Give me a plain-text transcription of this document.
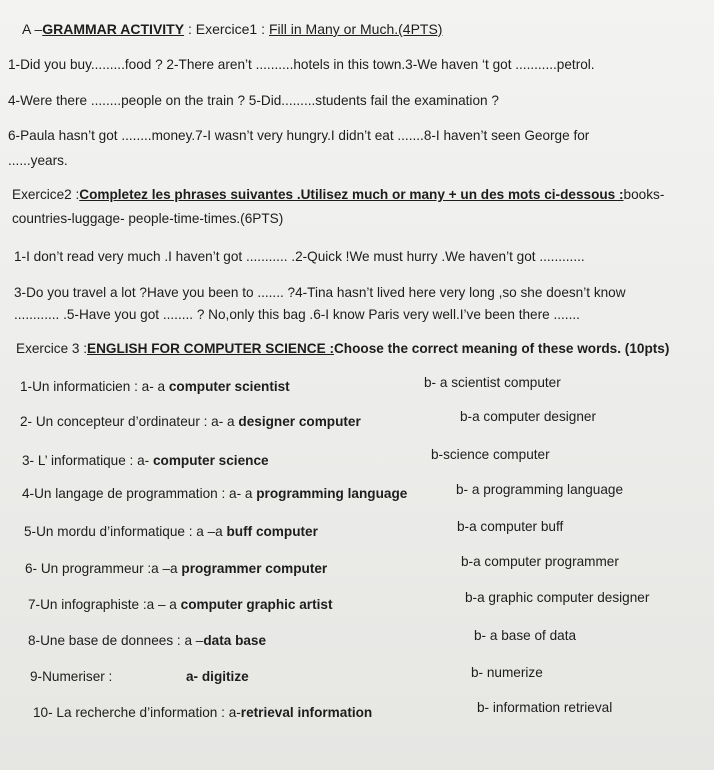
A –GRAMMAR ACTIVITY : Exercice1 : Fill in Many or Much.(4PTS)
1-Did you buy.........food ? 2-There aren’t ..........hotels in this town.3-We haven ‘t got ...........petrol.
4-Were there ........people on the train ? 5-Did.........students fail the examination ?
6-Paula hasn’t got ........money.7-I wasn’t very hungry.I didn’t eat .......8-I haven’t seen George for
......years.
Exercice2 :Completez les phrases suivantes .Utilisez much or many + un des mots ci-dessous :books-
countries-luggage- people-time-times.(6PTS)
1-I don’t read very much .I haven’t got ........... .2-Quick !We must hurry .We haven’t got ............
3-Do you travel a lot ?Have you been to ....... ?4-Tina hasn’t lived here very long ,so she doesn’t know
............ .5-Have you got ........ ? No,only this bag .6-I know Paris very well.I’ve been there .......
Exercice 3 :ENGLISH FOR COMPUTER SCIENCE :Choose the correct meaning of these words. (10pts)
1-Un informaticien : a- a computer scientist	b- a scientist computer
2- Un concepteur d’ordinateur : a- a designer computer	b-a computer designer
3- L’ informatique : a- computer science	b-science computer
4-Un langage de programmation : a- a programming language	b- a programming language
5-Un mordu d’informatique : a –a buff computer	b-a computer buff
6- Un programmeur :a –a programmer computer	b-a computer programmer
7-Un infographiste :a – a computer graphic artist	b-a graphic computer designer
8-Une base de donnees : a –data base	b- a base of data
9-Numeriser :	a- digitize	b- numerize
10- La recherche d’information : a-retrieval information	b- information retrieval
